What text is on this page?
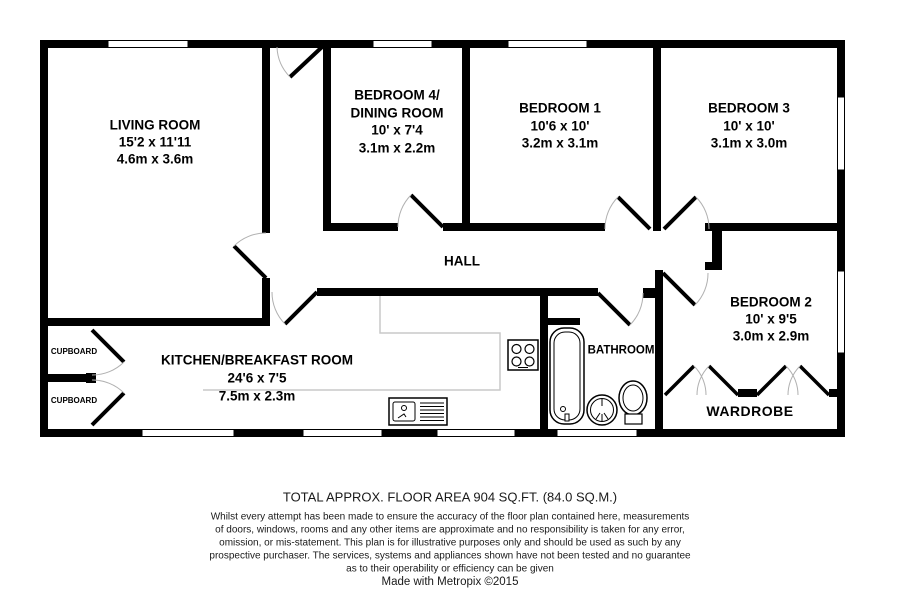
LIVING ROOM
15'2 x 11'11
4.6m x 3.6m
BEDROOM 4/
DINING ROOM
10' x 7'4
3.1m x 2.2m
BEDROOM 1
10'6 x 10'
3.2m x 3.1m
BEDROOM 3
10' x 10'
3.1m x 3.0m
BEDROOM 2
10' x 9'5
3.0m x 2.9m
HALL
KITCHEN/BREAKFAST ROOM
24'6 x 7'5
7.5m x 2.3m
BATHROOM
WARDROBE
CUPBOARD
CUPBOARD
TOTAL APPROX. FLOOR AREA 904 SQ.FT. (84.0 SQ.M.)
Whilst every attempt has been made to ensure the accuracy of the floor plan contained here, measurements
of doors, windows, rooms and any other items are approximate and no responsibility is taken for any error,
omission, or mis-statement. This plan is for illustrative purposes only and should be used as such by any
prospective purchaser. The services, systems and appliances shown have not been tested and no guarantee
as to their operability or efficiency can be given
Made with Metropix ©2015
